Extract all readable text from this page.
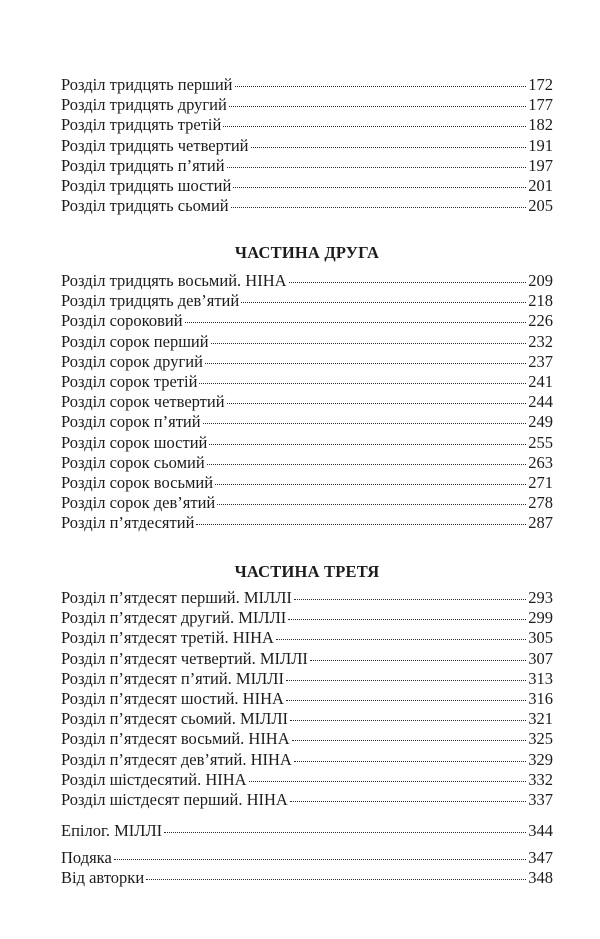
Розділ тридцять перший	172
Розділ тридцять другий	177
Розділ тридцять третій	182
Розділ тридцять четвертий	191
Розділ тридцять п’ятий	197
Розділ тридцять шостий	201
Розділ тридцять сьомий	205
ЧАСТИНА ДРУГА
Розділ тридцять восьмий. НІНА	209
Розділ тридцять дев’ятий	218
Розділ сороковий	226
Розділ сорок перший	232
Розділ сорок другий	237
Розділ сорок третій	241
Розділ сорок четвертий	244
Розділ сорок п’ятий	249
Розділ сорок шостий	255
Розділ сорок сьомий	263
Розділ сорок восьмий	271
Розділ сорок дев’ятий	278
Розділ п’ятдесятий	287
ЧАСТИНА ТРЕТЯ
Розділ п’ятдесят перший. МІЛЛІ	293
Розділ п’ятдесят другий. МІЛЛІ	299
Розділ п’ятдесят третій. НІНА	305
Розділ п’ятдесят четвертий. МІЛЛІ	307
Розділ п’ятдесят п’ятий. МІЛЛІ	313
Розділ п’ятдесят шостий. НІНА	316
Розділ п’ятдесят сьомий. МІЛЛІ	321
Розділ п’ятдесят восьмий. НІНА	325
Розділ п’ятдесят дев’ятий. НІНА	329
Розділ шістдесятий. НІНА	332
Розділ шістдесят перший. НІНА	337
Епілог. МІЛЛІ	344
Подяка	347
Від авторки	348
